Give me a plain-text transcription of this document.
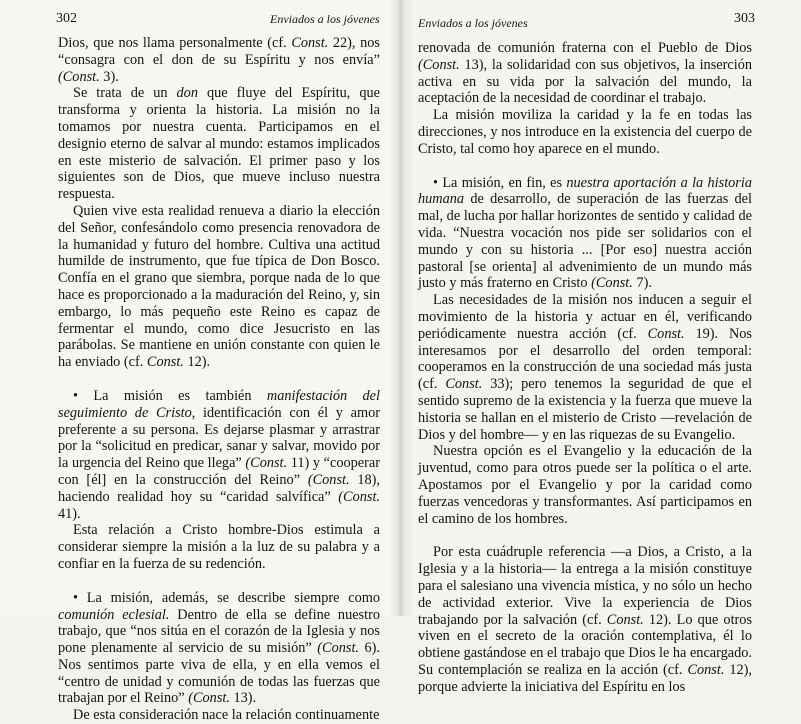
302	Enviados a los jóvenes

Dios, que nos llama personalmente (cf. Const. 22), nos “consagra con el don de su Espíritu y nos envía” (Const. 3).

Se trata de un don que fluye del Espíritu, que transforma y orienta la historia. La misión no la tomamos por nuestra cuenta. Participamos en el designio eterno de salvar al mundo: estamos implicados en este misterio de salvación. El primer paso y los siguientes son de Dios, que mueve incluso nuestra respuesta.

Quien vive esta realidad renueva a diario la elección del Señor, confesándolo como presencia renovadora de la humanidad y futuro del hombre. Cultiva una actitud humilde de instrumento, que fue típica de Don Bosco. Confía en el grano que siembra, porque nada de lo que hace es proporcionado a la maduración del Reino, y, sin embargo, lo más pequeño este Reino es capaz de fermentar el mundo, como dice Jesucristo en las parábolas. Se mantiene en unión constante con quien le ha enviado (cf. Const. 12).

• La misión es también manifestación del seguimiento de Cristo, identificación con él y amor preferente a su persona. Es dejarse plasmar y arrastrar por la “solicitud en predicar, sanar y salvar, movido por la urgencia del Reino que llega” (Const. 11) y “cooperar con [él] en la construcción del Reino” (Const. 18), haciendo realidad hoy su “caridad salvífica” (Const. 41).

Esta relación a Cristo hombre-Dios estimula a considerar siempre la misión a la luz de su palabra y a confiar en la fuerza de su redención.

• La misión, además, se describe siempre como comunión eclesial. Dentro de ella se define nuestro trabajo, que “nos sitúa en el corazón de la Iglesia y nos pone plenamente al servicio de su misión” (Const. 6). Nos sentimos parte viva de ella, y en ella vemos el “centro de unidad y comunión de todas las fuerzas que trabajan por el Reino” (Const. 13).

De esta consideración nace la relación continuamente

Enviados a los jóvenes	303

renovada de comunión fraterna con el Pueblo de Dios (Const. 13), la solidaridad con sus objetivos, la inserción activa en su vida por la salvación del mundo, la aceptación de la necesidad de coordinar el trabajo.

La misión moviliza la caridad y la fe en todas las direcciones, y nos introduce en la existencia del cuerpo de Cristo, tal como hoy aparece en el mundo.

• La misión, en fin, es nuestra aportación a la historia humana de desarrollo, de superación de las fuerzas del mal, de lucha por hallar horizontes de sentido y calidad de vida. “Nuestra vocación nos pide ser solidarios con el mundo y con su historia ... [Por eso] nuestra acción pastoral [se orienta] al advenimiento de un mundo más justo y más fraterno en Cristo (Const. 7).

Las necesidades de la misión nos inducen a seguir el movimiento de la historia y actuar en él, verificando periódicamente nuestra acción (cf. Const. 19). Nos interesamos por el desarrollo del orden temporal: cooperamos en la construcción de una sociedad más justa (cf. Const. 33); pero tenemos la seguridad de que el sentido supremo de la existencia y la fuerza que mueve la historia se hallan en el misterio de Cristo —revelación de Dios y del hombre— y en las riquezas de su Evangelio.

Nuestra opción es el Evangelio y la educación de la juventud, como para otros puede ser la política o el arte. Apostamos por el Evangelio y por la caridad como fuerzas vencedoras y transformantes. Así participamos en el camino de los hombres.

Por esta cuádruple referencia —a Dios, a Cristo, a la Iglesia y a la historia— la entrega a la misión constituye para el salesiano una vivencia mística, y no sólo un hecho de actividad exterior. Vive la experiencia de Dios trabajando por la salvación (cf. Const. 12). Lo que otros viven en el secreto de la oración contemplativa, él lo obtiene gastándose en el trabajo que Dios le ha encargado. Su contemplación se realiza en la acción (cf. Const. 12), porque advierte la iniciativa del Espíritu en los
